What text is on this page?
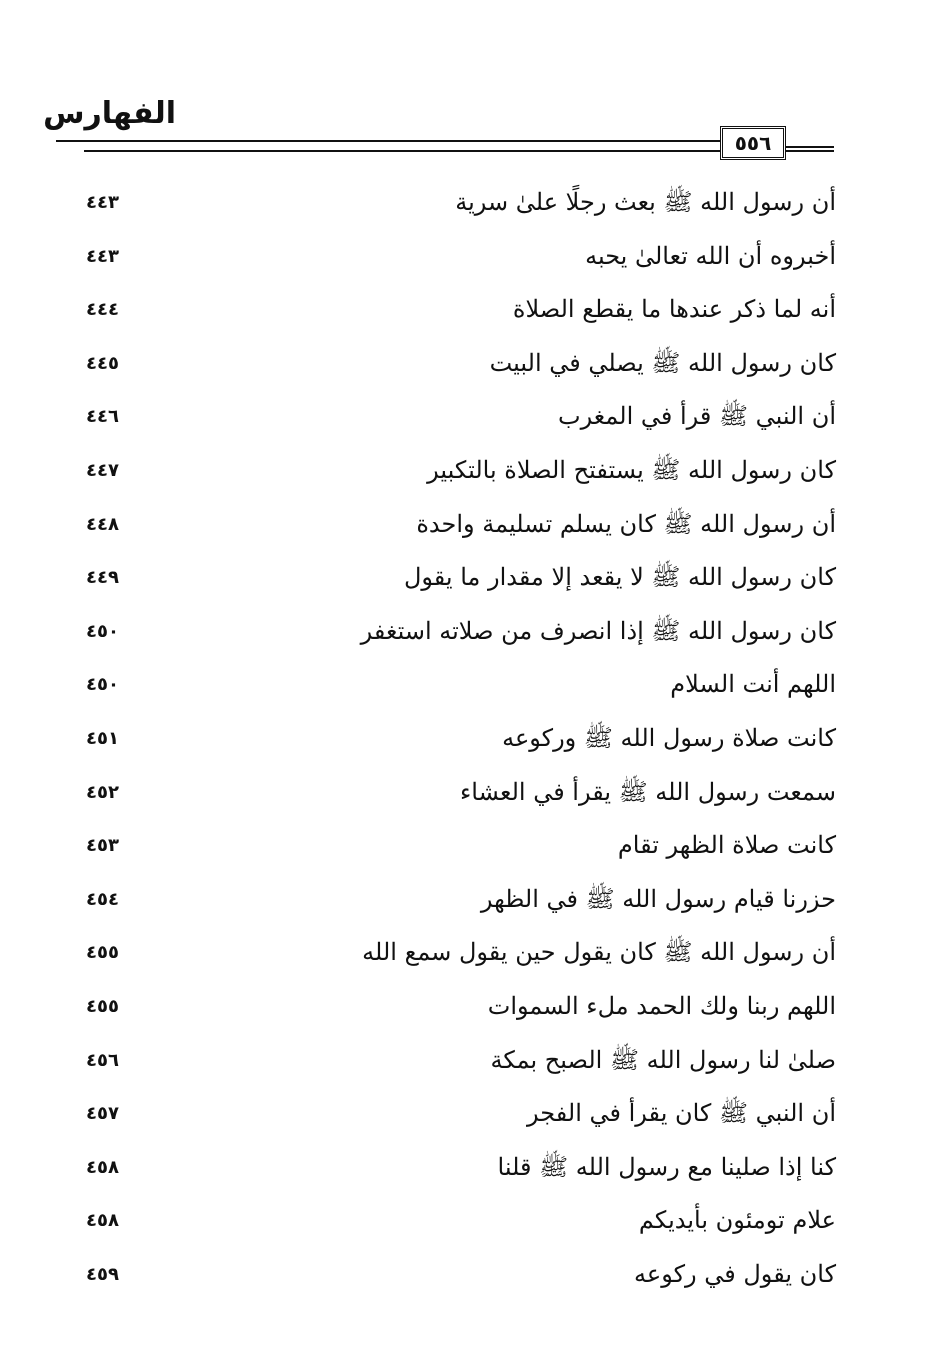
الفهارس
٥٥٦
أن رسول الله ﷺ بعث رجلًا علىٰ سرية
٤٤٣
أخبروه أن الله تعالىٰ يحبه
٤٤٣
أنه لما ذكر عندها ما يقطع الصلاة
٤٤٤
كان رسول الله ﷺ يصلي في البيت
٤٤٥
أن النبي ﷺ قرأ في المغرب
٤٤٦
كان رسول الله ﷺ يستفتح الصلاة بالتكبير
٤٤٧
أن رسول الله ﷺ كان يسلم تسليمة واحدة
٤٤٨
كان رسول الله ﷺ لا يقعد إلا مقدار ما يقول
٤٤٩
كان رسول الله ﷺ إذا انصرف من صلاته استغفر
٤٥٠
اللهم أنت السلام
٤٥٠
كانت صلاة رسول الله ﷺ وركوعه
٤٥١
سمعت رسول الله ﷺ يقرأ في العشاء
٤٥٢
كانت صلاة الظهر تقام
٤٥٣
حزرنا قيام رسول الله ﷺ في الظهر
٤٥٤
أن رسول الله ﷺ كان يقول حين يقول سمع الله
٤٥٥
اللهم ربنا ولك الحمد ملء السموات
٤٥٥
صلىٰ لنا رسول الله ﷺ الصبح بمكة
٤٥٦
أن النبي ﷺ كان يقرأ في الفجر
٤٥٧
كنا إذا صلينا مع رسول الله ﷺ قلنا
٤٥٨
علام تومئون بأيديكم
٤٥٨
كان يقول في ركوعه
٤٥٩
